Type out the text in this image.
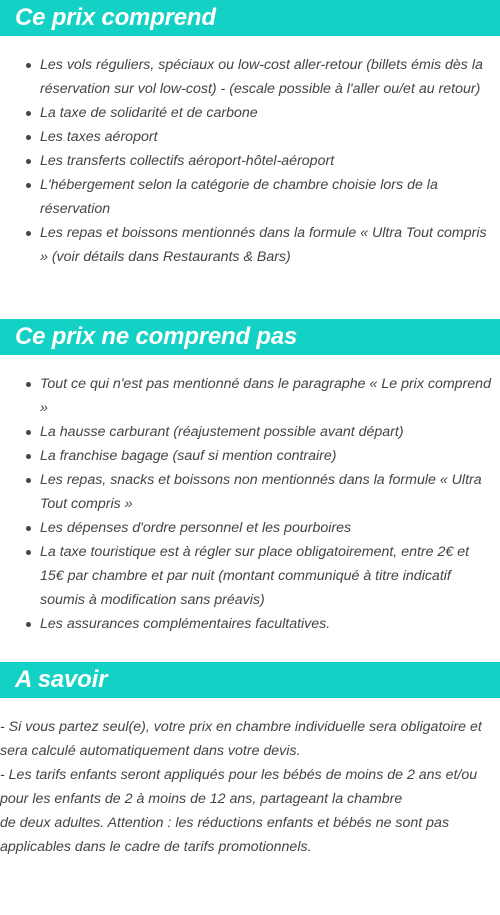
Ce prix comprend
Les vols réguliers, spéciaux ou low-cost aller-retour (billets émis dès la réservation sur vol low-cost) - (escale possible à l'aller ou/et au retour)
La taxe de solidarité et de carbone
Les taxes aéroport
Les transferts collectifs aéroport-hôtel-aéroport
L'hébergement selon la catégorie de chambre choisie lors de la réservation
Les repas et boissons mentionnés dans la formule « Ultra Tout compris » (voir détails dans Restaurants & Bars)
Ce prix ne comprend pas
Tout ce qui n'est pas mentionné dans le paragraphe « Le prix comprend »
La hausse carburant (réajustement possible avant départ)
La franchise bagage (sauf si mention contraire)
Les repas, snacks et boissons non mentionnés dans la formule « Ultra Tout compris »
Les dépenses d'ordre personnel et les pourboires
La taxe touristique est à régler sur place obligatoirement, entre 2€ et 15€ par chambre et par nuit (montant communiqué à titre indicatif soumis à modification sans préavis)
Les assurances complémentaires facultatives.
A savoir

- Si vous partez seul(e), votre prix en chambre individuelle sera obligatoire et sera calculé automatiquement dans votre devis.

- Les tarifs enfants seront appliqués pour les bébés de moins de 2 ans et/ou pour les enfants de 2 à moins de 12 ans, partageant la chambre

de deux adultes. Attention : les réductions enfants et bébés ne sont pas applicables dans le cadre de tarifs promotionnels.
